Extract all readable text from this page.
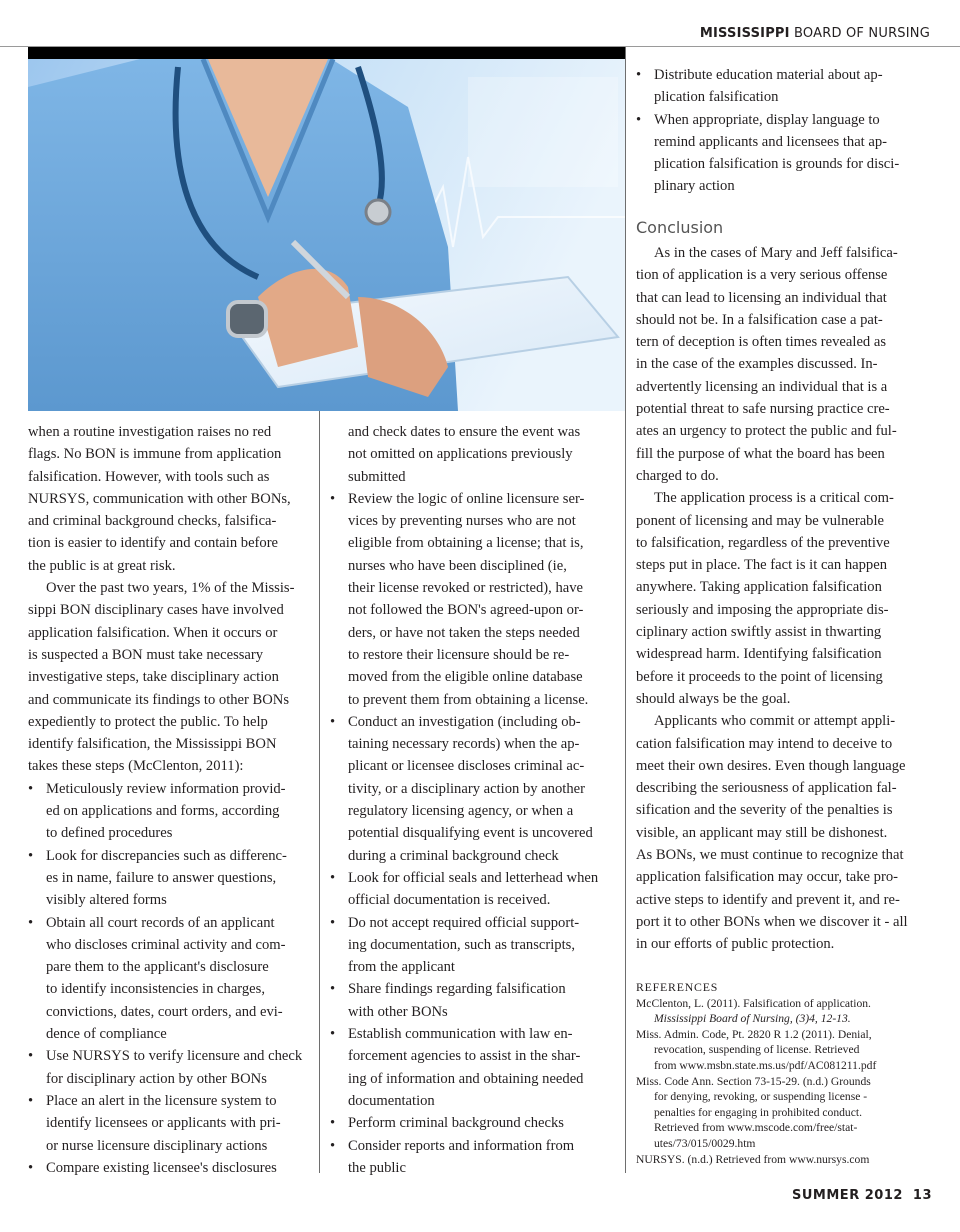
MISSISSIPPI BOARD OF NURSING
• Distribute education material about ap-
plication falsification
• When appropriate, display language to
remind applicants and licensees that ap-
plication falsification is grounds for disci-
plinary action
Conclusion

As in the cases of Mary and Jeff falsifica-
tion of application is a very serious offense
that can lead to licensing an individual that
should not be. In a falsification case a pat-
tern of deception is often times revealed as
in the case of the examples discussed. In-
advertently licensing an individual that is a
potential threat to safe nursing practice cre-
ates an urgency to protect the public and ful-
fill the purpose of what the board has been
charged to do.

The application process is a critical com-
ponent of licensing and may be vulnerable
to falsification, regardless of the preventive
steps put in place. The fact is it can happen
anywhere. Taking application falsification
seriously and imposing the appropriate dis-
ciplinary action swiftly assist in thwarting
widespread harm. Identifying falsification
before it proceeds to the point of licensing
should always be the goal.

Applicants who commit or attempt appli-
cation falsification may intend to deceive to
meet their own desires. Even though language
describing the seriousness of application fal-
sification and the severity of the penalties is
visible, an applicant may still be dishonest.
As BONs, we must continue to recognize that
application falsification may occur, take pro-
active steps to identify and prevent it, and re-
port it to other BONs when we discover it - all
in our efforts of public protection.

when a routine investigation raises no red
flags. No BON is immune from application
falsification. However, with tools such as
NURSYS, communication with other BONs,
and criminal background checks, falsifica-
tion is easier to identify and contain before
the public is at great risk.

Over the past two years, 1% of the Missis-
sippi BON disciplinary cases have involved
application falsification. When it occurs or
is suspected a BON must take necessary
investigative steps, take disciplinary action
and communicate its findings to other BONs
expediently to protect the public. To help
identify falsification, the Mississippi BON
takes these steps (McClenton, 2011):

• Meticulously review information provid-
ed on applications and forms, according
to defined procedures
• Look for discrepancies such as differenc-
es in name, failure to answer questions,
visibly altered forms
• Obtain all court records of an applicant
who discloses criminal activity and com-
pare them to the applicant's disclosure
to identify inconsistencies in charges,
convictions, dates, court orders, and evi-
dence of compliance
• Use NURSYS to verify licensure and check
for disciplinary action by other BONs
• Place an alert in the licensure system to
identify licensees or applicants with pri-
or nurse licensure disciplinary actions
• Compare existing licensee's disclosures
and check dates to ensure the event was
not omitted on applications previously
submitted
• Review the logic of online licensure ser-
vices by preventing nurses who are not
eligible from obtaining a license; that is,
nurses who have been disciplined (ie,
their license revoked or restricted), have
not followed the BON's agreed-upon or-
ders, or have not taken the steps needed
to restore their licensure should be re-
moved from the eligible online database
to prevent them from obtaining a license.
• Conduct an investigation (including ob-
taining necessary records) when the ap-
plicant or licensee discloses criminal ac-
tivity, or a disciplinary action by another
regulatory licensing agency, or when a
potential disqualifying event is uncovered
during a criminal background check
• Look for official seals and letterhead when
official documentation is received.
• Do not accept required official support-
ing documentation, such as transcripts,
from the applicant
• Share findings regarding falsification
with other BONs
• Establish communication with law en-
forcement agencies to assist in the shar-
ing of information and obtaining needed
documentation
• Perform criminal background checks
• Consider reports and information from
the public
REFERENCES
McClenton, L. (2011). Falsification of application.
Mississippi Board of Nursing, (3)4, 12-13.
Miss. Admin. Code, Pt. 2820 R 1.2 (2011). Denial,
revocation, suspending of license. Retrieved
from www.msbn.state.ms.us/pdf/AC081211.pdf
Miss. Code Ann. Section 73-15-29. (n.d.) Grounds
for denying, revoking, or suspending license -
penalties for engaging in prohibited conduct.
Retrieved from www.mscode.com/free/stat-
utes/73/015/0029.htm
NURSYS. (n.d.) Retrieved from www.nursys.com
SUMMER 2012 13
